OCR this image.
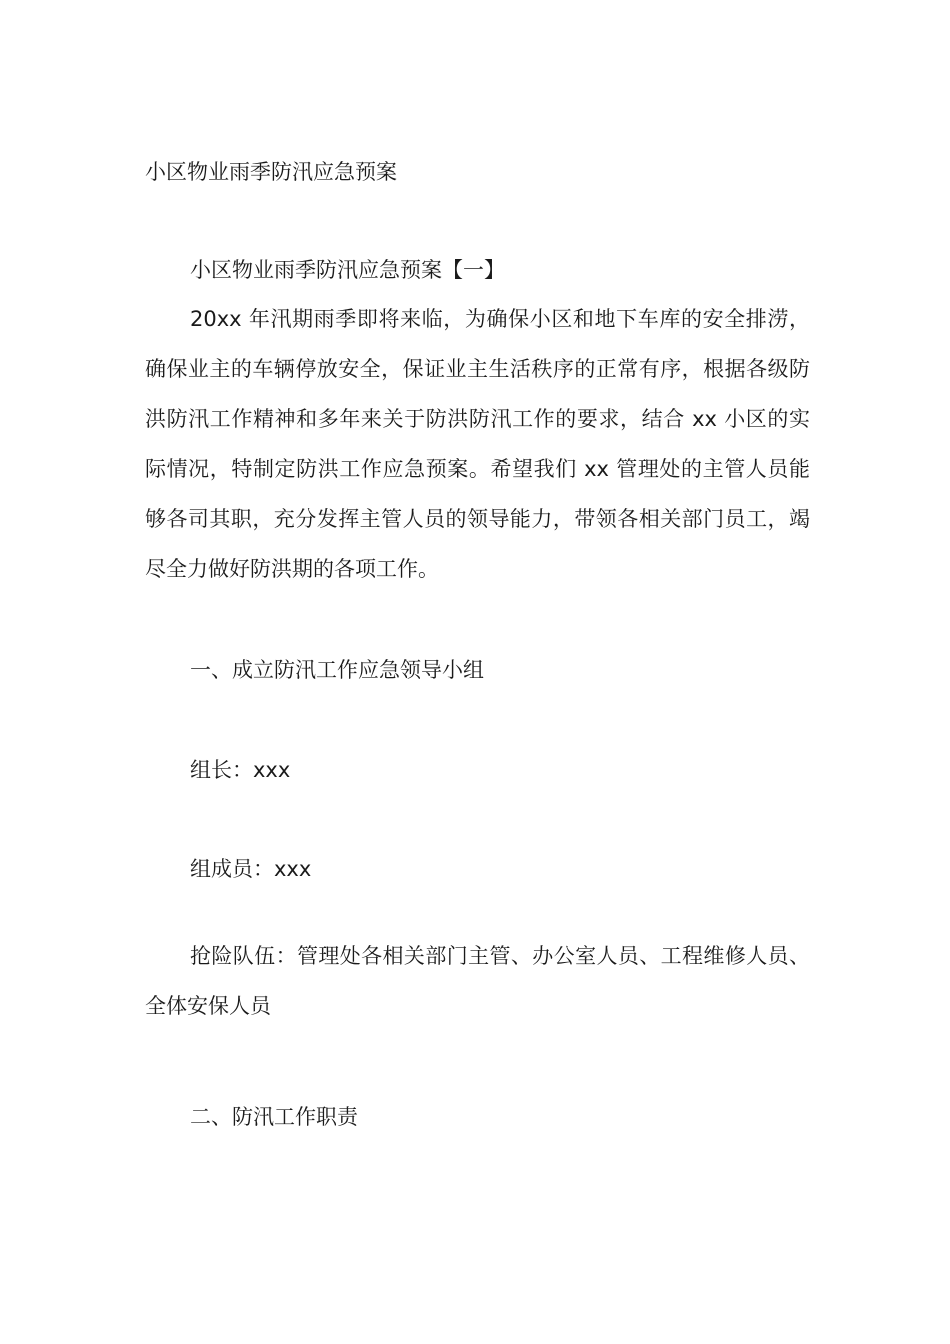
小区物业雨季防汛应急预案
小区物业雨季防汛应急预案【一】

20xx 年汛期雨季即将来临，为确保小区和地下车库的安全排涝，确保业主的车辆停放安全，保证业主生活秩序的正常有序，根据各级防洪防汛工作精神和多年来关于防洪防汛工作的要求，结合 xx 小区的实际情况，特制定防洪工作应急预案。希望我们 xx 管理处的主管人员能够各司其职，充分发挥主管人员的领导能力，带领各相关部门员工，竭尽全力做好防洪期的各项工作。

一、成立防汛工作应急领导小组
组长：xxx
组成员：xxx

抢险队伍：管理处各相关部门主管、办公室人员、工程维修人员、全体安保人员

二、防汛工作职责
